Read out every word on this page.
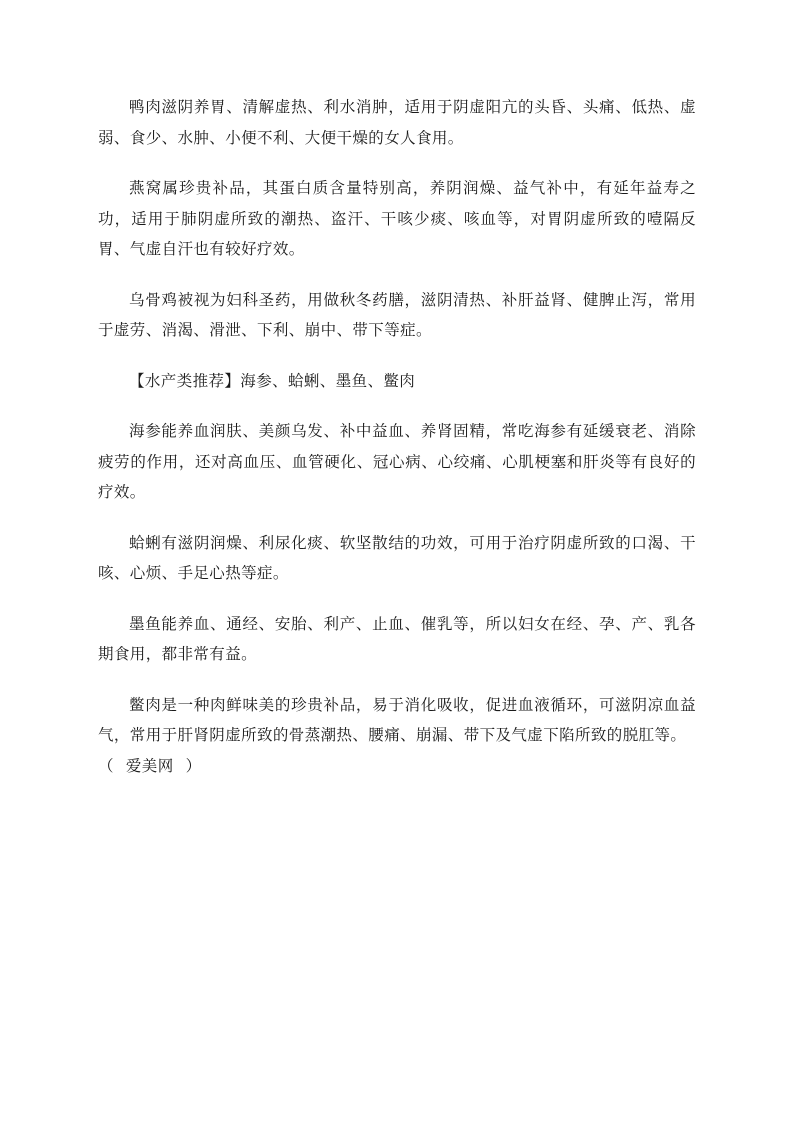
鸭肉滋阴养胃、清解虚热、利水消肿，适用于阴虚阳亢的头昏、头痛、低热、虚弱、食少、水肿、小便不利、大便干燥的女人食用。

燕窝属珍贵补品，其蛋白质含量特别高，养阴润燥、益气补中，有延年益寿之功，适用于肺阴虚所致的潮热、盗汗、干咳少痰、咳血等，对胃阴虚所致的噎隔反胃、气虚自汗也有较好疗效。

乌骨鸡被视为妇科圣药，用做秋冬药膳，滋阴清热、补肝益肾、健脾止泻，常用于虚劳、消渴、滑泄、下利、崩中、带下等症。

【水产类推荐】海参、蛤蜊、墨鱼、鳖肉

海参能养血润肤、美颜乌发、补中益血、养肾固精，常吃海参有延缓衰老、消除疲劳的作用，还对高血压、血管硬化、冠心病、心绞痛、心肌梗塞和肝炎等有良好的疗效。

蛤蜊有滋阴润燥、利尿化痰、软坚散结的功效，可用于治疗阴虚所致的口渴、干咳、心烦、手足心热等症。

墨鱼能养血、通经、安胎、利产、止血、催乳等，所以妇女在经、孕、产、乳各期食用，都非常有益。

鳖肉是一种肉鲜味美的珍贵补品，易于消化吸收，促进血液循环，可滋阴凉血益气，常用于肝肾阴虚所致的骨蒸潮热、腰痛、崩漏、带下及气虚下陷所致的脱肛等。

（ 爱美网 ）
